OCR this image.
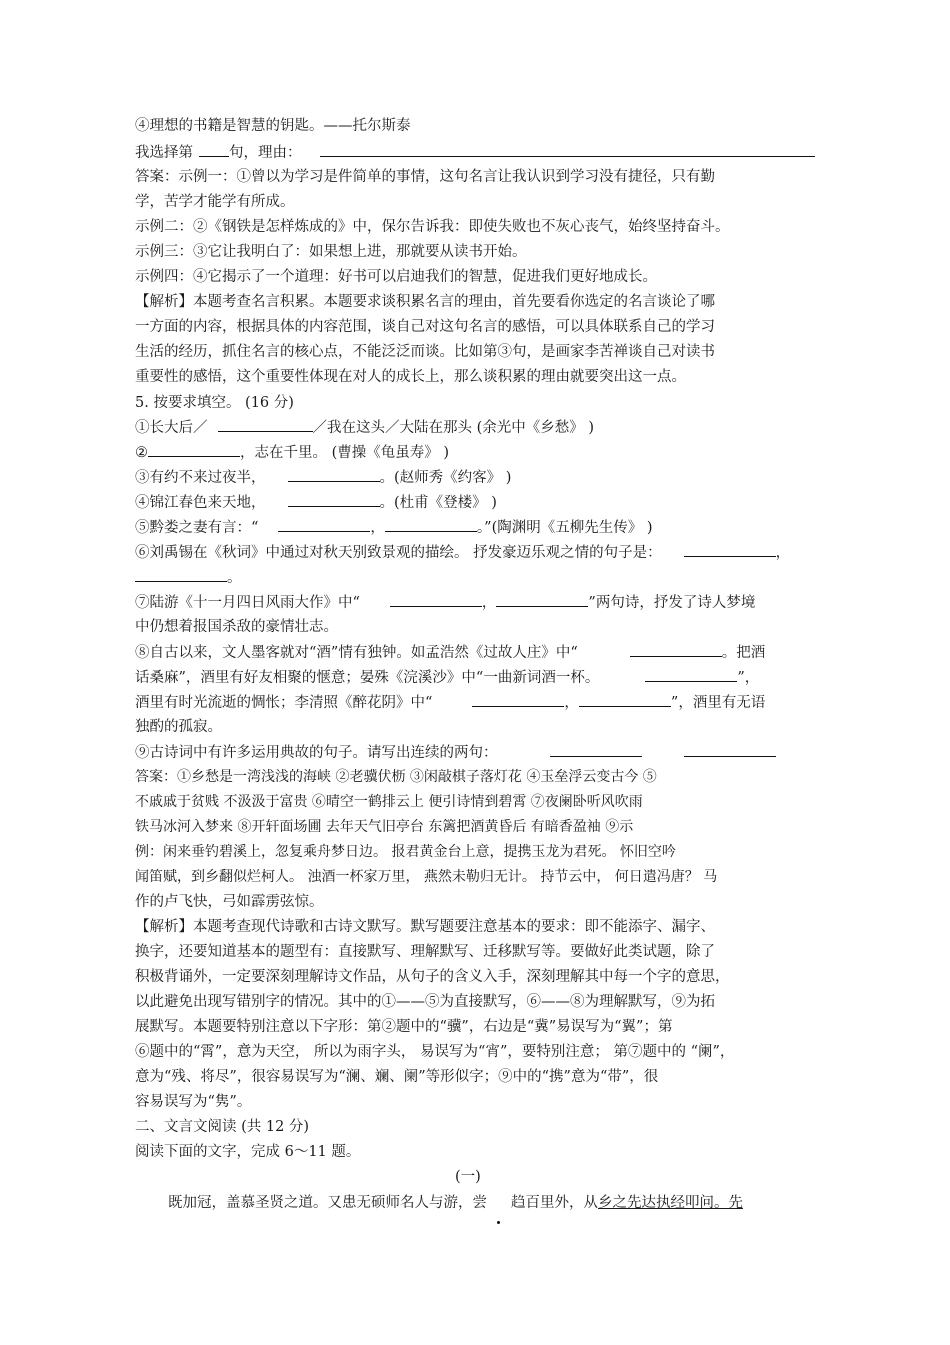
④理想的书籍是智慧的钥匙。——托尔斯泰
我选择第 句，理由：
答案：示例一：①曾以为学习是件简单的事情，这句名言让我认识到学习没有捷径，只有勤
学，苦学才能学有所成。
示例二：②《钢铁是怎样炼成的》中，保尔告诉我：即使失败也不灰心丧气，始终坚持奋斗。
示例三：③它让我明白了：如果想上进，那就要从读书开始。
示例四：④它揭示了一个道理：好书可以启迪我们的智慧，促进我们更好地成长。
【解析】本题考查名言积累。本题要求谈积累名言的理由，首先要看你选定的名言谈论了哪
一方面的内容，根据具体的内容范围，谈自己对这句名言的感悟，可以具体联系自己的学习
生活的经历，抓住名言的核心点，不能泛泛而谈。比如第③句，是画家李苦禅谈自己对读书
重要性的感悟，这个重要性体现在对人的成长上，那么谈积累的理由就要突出这一点。
5. 按要求填空。 (16 分)
①长大后／	／我在这头／大陆在那头 (余光中《乡愁》 )
②	，志在千里。 (曹操《龟虽寿》 )
③有约不来过夜半，	。(赵师秀《约客》 )
④锦江春色来天地，	。(杜甫《登楼》 )
⑤黔娄之妻有言：“	，	。”(陶渊明《五柳先生传》 )
⑥刘禹锡在《秋词》中通过对秋天别致景观的描绘。 抒发豪迈乐观之情的句子是：	，
。
⑦陆游《十一月四日风雨大作》中“	，	”两句诗，抒发了诗人梦境
中仍想着报国杀敌的豪情壮志。
⑧自古以来，文人墨客就对“酒”情有独钟。如孟浩然《过故人庄》中“	。把酒
话桑麻”，酒里有好友相聚的惬意；晏殊《浣溪沙》中“一曲新词酒一杯。	”，
酒里有时光流逝的惆怅；李清照《醉花阴》中“	，	”，酒里有无语
独酌的孤寂。
⑨古诗词中有许多运用典故的句子。请写出连续的两句：
答案：①乡愁是一湾浅浅的海峡 ②老骥伏枥 ③闲敲棋子落灯花 ④玉垒浮云变古今 ⑤
不戚戚于贫贱 不汲汲于富贵 ⑥晴空一鹤排云上 便引诗情到碧霄 ⑦夜阑卧听风吹雨
铁马冰河入梦来 ⑧开轩面场圃 去年天气旧亭台 东篱把酒黄昏后 有暗香盈袖 ⑨示
例：闲来垂钓碧溪上，忽复乘舟梦日边。 报君黄金台上意，提携玉龙为君死。 怀旧空吟
闻笛赋，到乡翻似烂柯人。 浊酒一杯家万里， 燕然未勒归无计。 持节云中， 何日遣冯唐？ 马
作的卢飞快，弓如霹雳弦惊。
【解析】本题考查现代诗歌和古诗文默写。默写题要注意基本的要求：即不能添字、漏字、
换字，还要知道基本的题型有：直接默写、理解默写、迁移默写等。要做好此类试题，除了
积极背诵外，一定要深刻理解诗文作品，从句子的含义入手，深刻理解其中每一个字的意思，
以此避免出现写错别字的情况。其中的①——⑤为直接默写，⑥——⑧为理解默写，⑨为拓
展默写。本题要特别注意以下字形：第②题中的“骥”，右边是“冀”易误写为“翼”；第
⑥题中的“霄”，意为天空， 所以为雨字头， 易误写为“宵”，要特别注意； 第⑦题中的 “阑”，
意为“残、将尽”，很容易误写为“澜、斓、阑”等形似字；⑨中的“携”意为“带”，很
容易误写为“隽”。
二、文言文阅读 (共 12 分)
阅读下面的文字，完成 6～11 题。
(一)
既加冠，盖慕圣贤之道。又患无硕师名人与游，尝 趋百里外，从乡之先达执经叩问。先
